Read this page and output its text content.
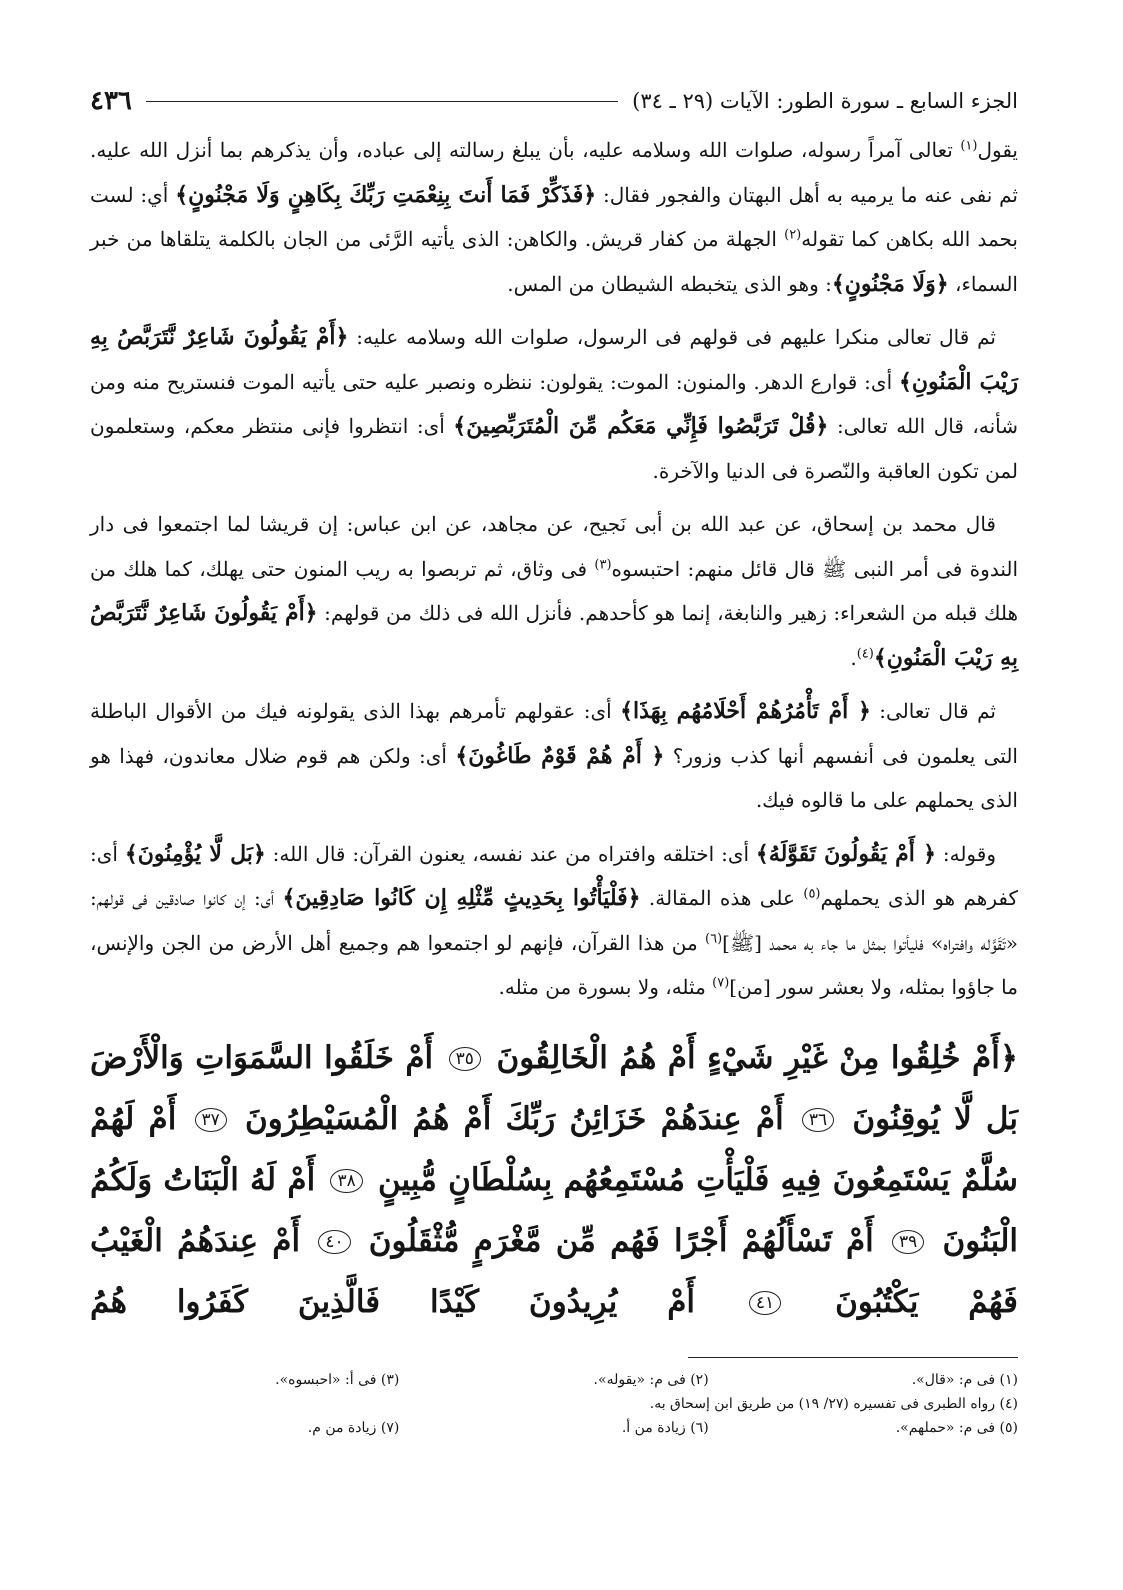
الجزء السابع ـ سورة الطور: الآيات (٢٩ ـ ٣٤)
٤٣٦

يقول$^{(١)}$ تعالى آمراً رسوله، صلوات الله وسلامه عليه، بأن يبلغ رسالته إلى عباده، وأن يذكرهم بما أنزل الله عليه. ثم نفى عنه ما يرميه به أهل البهتان والفجور فقال: ﴿فَذَكِّرْ فَمَا أَنتَ بِنِعْمَتِ رَبِّكَ بِكَاهِنٍ وَلَا مَجْنُونٍ﴾ أي: لست بحمد الله بكاهن كما تقوله$^{(٢)}$ الجهلة من كفار قريش. والكاهن: الذى يأتيه الرَّئى من الجان بالكلمة يتلقاها من خبر السماء، ﴿وَلَا مَجْنُونٍ﴾: وهو الذى يتخبطه الشيطان من المس.

ثم قال تعالى منكرا عليهم فى قولهم فى الرسول، صلوات الله وسلامه عليه: ﴿أَمْ يَقُولُونَ شَاعِرٌ نَّتَرَبَّصُ بِهِ رَيْبَ الْمَنُونِ﴾ أى: قوارع الدهر. والمنون: الموت: يقولون: ننظره ونصبر عليه حتى يأتيه الموت فنستريح منه ومن شأنه، قال الله تعالى: ﴿قُلْ تَرَبَّصُوا فَإِنِّي مَعَكُم مِّنَ الْمُتَرَبِّصِينَ﴾ أى: انتظروا فإنى منتظر معكم، وستعلمون لمن تكون العاقبة والنّصرة فى الدنيا والآخرة.

قال محمد بن إسحاق، عن عبد الله بن أبى نَجيح، عن مجاهد، عن ابن عباس: إن قريشا لما اجتمعوا فى دار الندوة فى أمر النبى ﷺ قال قائل منهم: احتبسوه$^{(٣)}$ فى وثاق، ثم تربصوا به ريب المنون حتى يهلك، كما هلك من هلك قبله من الشعراء: زهير والنابغة، إنما هو كأحدهم. فأنزل الله فى ذلك من قولهم: ﴿أَمْ يَقُولُونَ شَاعِرٌ نَّتَرَبَّصُ بِهِ رَيْبَ الْمَنُونِ﴾$^{(٤)}$.

ثم قال تعالى: ﴿ أَمْ تَأْمُرُهُمْ أَحْلَامُهُم بِهَذَا﴾ أى: عقولهم تأمرهم بهذا الذى يقولونه فيك من الأقوال الباطلة التى يعلمون فى أنفسهم أنها كذب وزور؟ ﴿ أَمْ هُمْ قَوْمٌ طَاغُونَ﴾ أى: ولكن هم قوم ضلال معاندون، فهذا هو الذى يحملهم على ما قالوه فيك.

وقوله: ﴿ أَمْ يَقُولُونَ تَقَوَّلَهُ﴾ أى: اختلقه وافتراه من عند نفسه، يعنون القرآن: قال الله: ﴿بَل لَّا يُؤْمِنُونَ﴾ أى: كفرهم هو الذى يحملهم$^{(٥)}$ على هذه المقالة. ﴿فَلْيَأْتُوا بِحَدِيثٍ مِّثْلِهِ إِن كَانُوا صَادِقِينَ﴾ أى: إن كانوا صادقين فى قولهم: «تَقَوَّله وافتراه» فليأتوا بمثل ما جاء به محمد [ﷺ]$^{(٦)}$ من هذا القرآن، فإنهم لو اجتمعوا هم وجميع أهل الأرض من الجن والإنس، ما جاؤوا بمثله، ولا بعشر سور [من]$^{(٧)}$ مثله، ولا بسورة من مثله.

﴿أَمْ خُلِقُوا مِنْ غَيْرِ شَيْءٍ أَمْ هُمُ الْخَالِقُونَ ٣٥ أَمْ خَلَقُوا السَّمَوَاتِ وَالْأَرْضَ بَل لَّا يُوقِنُونَ ٣٦ أَمْ عِندَهُمْ خَزَائِنُ رَبِّكَ أَمْ هُمُ الْمُسَيْطِرُونَ ٣٧ أَمْ لَهُمْ سُلَّمٌ يَسْتَمِعُونَ فِيهِ فَلْيَأْتِ مُسْتَمِعُهُم بِسُلْطَانٍ مُّبِينٍ ٣٨ أَمْ لَهُ الْبَنَاتُ وَلَكُمُ الْبَنُونَ ٣٩ أَمْ تَسْأَلُهُمْ أَجْرًا فَهُم مِّن مَّغْرَمٍ مُّثْقَلُونَ ٤٠ أَمْ عِندَهُمُ الْغَيْبُ فَهُمْ يَكْتُبُونَ ٤١ أَمْ يُرِيدُونَ كَيْدًا فَالَّذِينَ كَفَرُوا هُمُ
(١) فى م: «قال».
(٢) فى م: «يقوله».
(٣) فى أ: «احبسوه».
(٤) رواه الطبرى فى تفسيره (٢٧/ ١٩) من طريق ابن إسحاق به.
(٥) فى م: «حملهم».
(٦) زيادة من أ.
(٧) زيادة من م.
